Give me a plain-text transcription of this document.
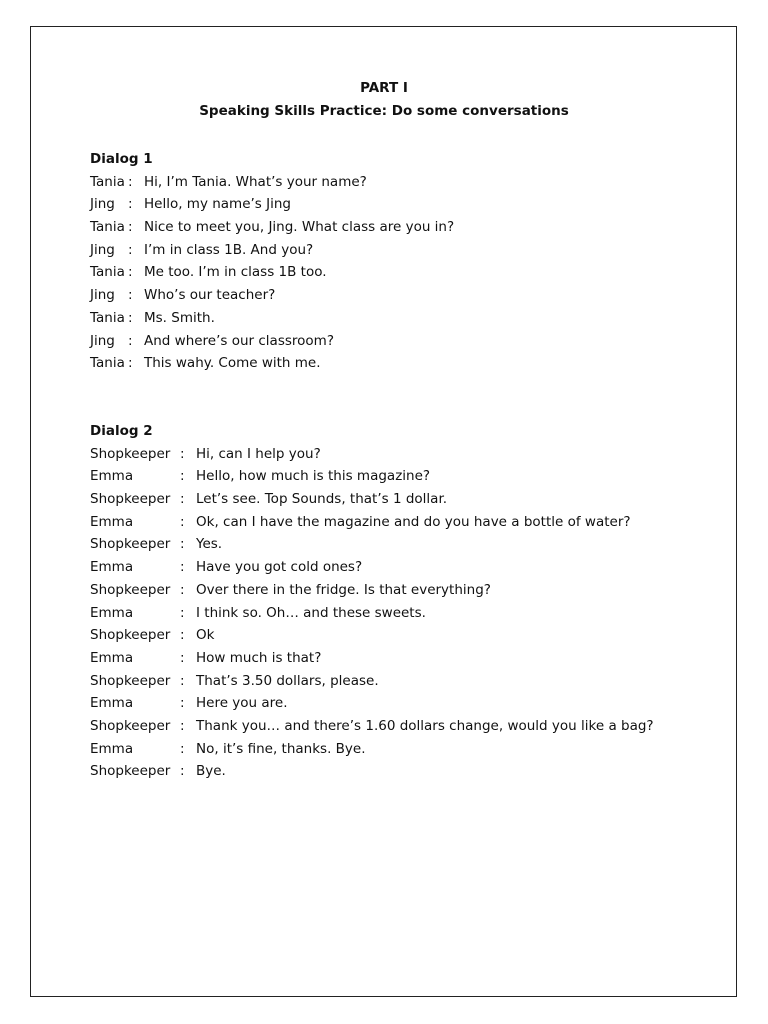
PART I
Speaking Skills Practice: Do some conversations
Dialog 1
Tania : Hi, I’m Tania. What’s your name?
Jing : Hello, my name’s Jing
Tania : Nice to meet you, Jing. What class are you in?
Jing : I’m in class 1B. And you?
Tania : Me too. I’m in class 1B too.
Jing : Who’s our teacher?
Tania : Ms. Smith.
Jing : And where’s our classroom?
Tania : This wahy. Come with me.
Dialog 2
Shopkeeper : Hi, can I help you?
Emma	: Hello, how much is this magazine?
Shopkeeper : Let’s see. Top Sounds, that’s 1 dollar.
Emma	: Ok, can I have the magazine and do you have a bottle of water?
Shopkeeper : Yes.
Emma	: Have you got cold ones?
Shopkeeper : Over there in the fridge. Is that everything?
Emma	: I think so. Oh… and these sweets.
Shopkeeper : Ok
Emma	: How much is that?
Shopkeeper : That’s 3.50 dollars, please.
Emma	: Here you are.
Shopkeeper : Thank you… and there’s 1.60 dollars change, would you like a bag?
Emma	: No, it’s fine, thanks. Bye.
Shopkeeper : Bye.
